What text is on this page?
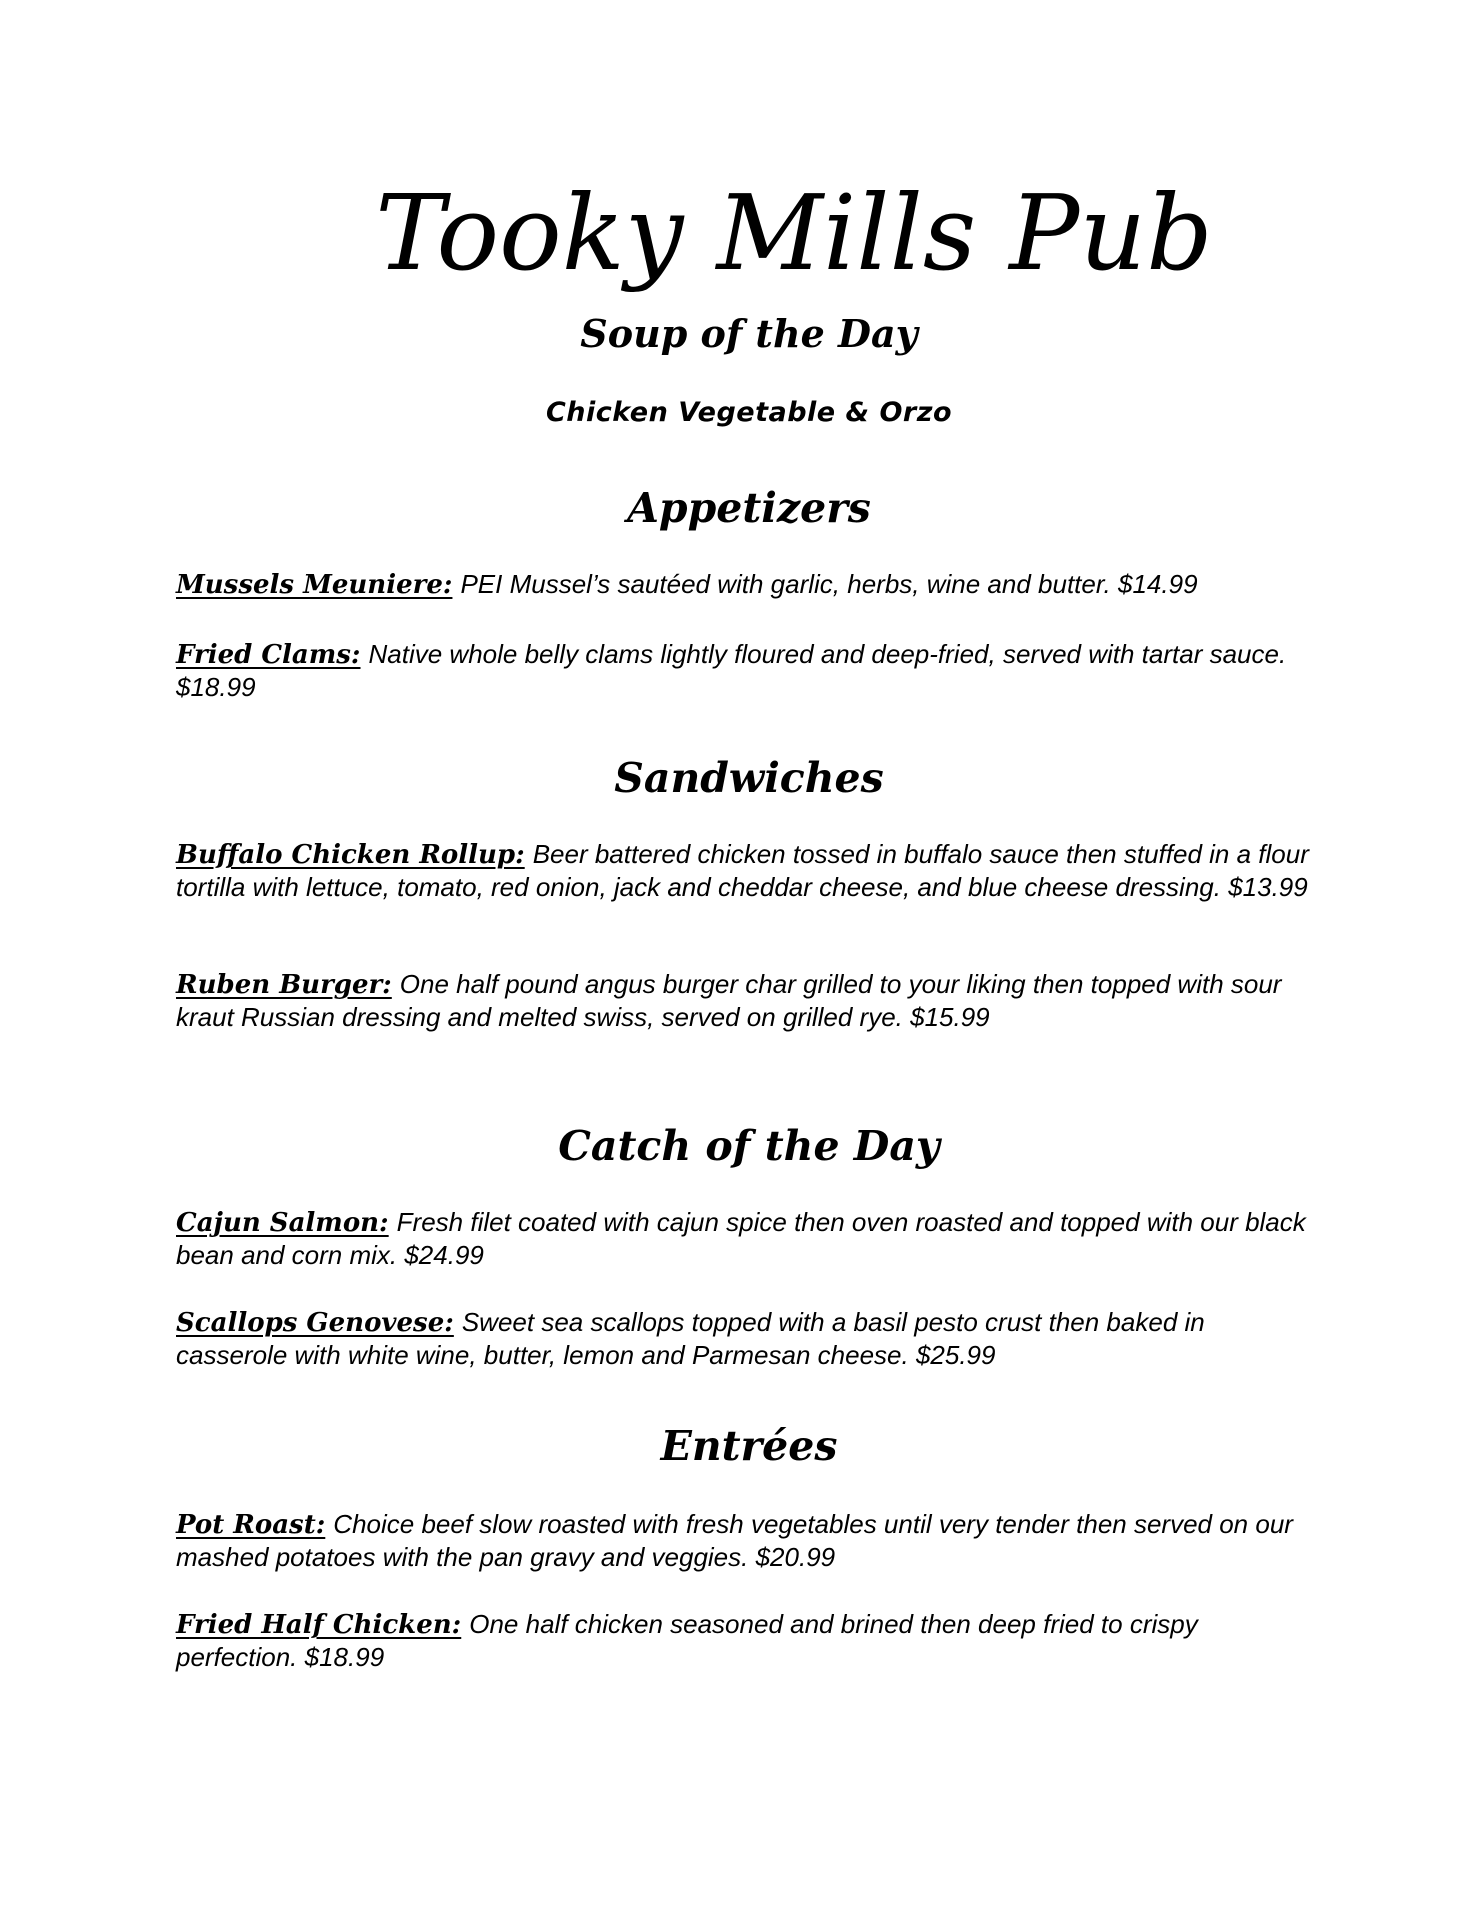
Tooky Mills Pub
Soup of the Day

Chicken Vegetable & Orzo

Appetizers

Mussels Meuniere: PEI Mussel’s sautéed with garlic, herbs, wine and butter. $14.99

Fried Clams: Native whole belly clams lightly floured and deep-fried, served with tartar sauce. $18.99

Sandwiches

Buffalo Chicken Rollup: Beer battered chicken tossed in buffalo sauce then stuffed in a flour tortilla with lettuce, tomato, red onion, jack and cheddar cheese, and blue cheese dressing. $13.99

Ruben Burger: One half pound angus burger char grilled to your liking then topped with sour kraut Russian dressing and melted swiss, served on grilled rye. $15.99

Catch of the Day

Cajun Salmon: Fresh filet coated with cajun spice then oven roasted and topped with our black bean and corn mix. $24.99

Scallops Genovese: Sweet sea scallops topped with a basil pesto crust then baked in casserole with white wine, butter, lemon and Parmesan cheese. $25.99

Entrées

Pot Roast: Choice beef slow roasted with fresh vegetables until very tender then served on our mashed potatoes with the pan gravy and veggies. $20.99

Fried Half Chicken: One half chicken seasoned and brined then deep fried to crispy perfection. $18.99
